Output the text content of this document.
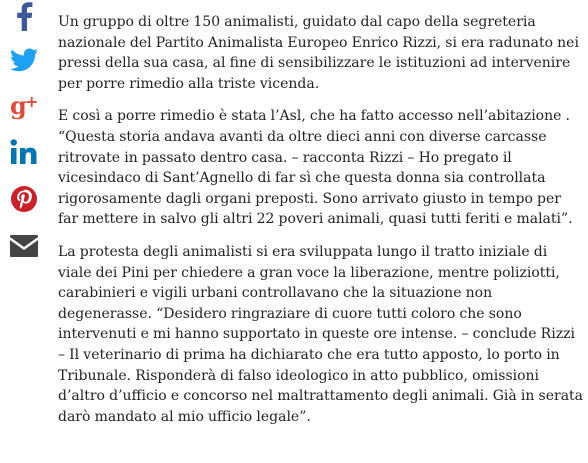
g
+

Un gruppo di oltre 150 animalisti, guidato dal capo della segreteria nazionale del Partito Animalista Europeo Enrico Rizzi, si era radunato nei pressi della sua casa, al fine di sensibilizzare le istituzioni ad intervenire per porre rimedio alla triste vicenda.

E così a porre rimedio è stata l’Asl, che ha fatto accesso nell’abitazione . “Questa storia andava avanti da oltre dieci anni con diverse carcasse ritrovate in passato dentro casa. – racconta Rizzi – Ho pregato il vicesindaco di Sant’Agnello di far sì che questa donna sia controllata rigorosamente dagli organi preposti. Sono arrivato giusto in tempo per far mettere in salvo gli altri 22 poveri animali, quasi tutti feriti e malati”.

La protesta degli animalisti si era sviluppata lungo il tratto iniziale di viale dei Pini per chiedere a gran voce la liberazione, mentre poliziotti, carabinieri e vigili urbani controllavano che la situazione non degenerasse. “Desidero ringraziare di cuore tutti coloro che sono intervenuti e mi hanno supportato in queste ore intense. – conclude Rizzi – Il veterinario di prima ha dichiarato che era tutto apposto, lo porto in Tribunale. Risponderà di falso ideologico in atto pubblico, omissioni d’altro d’ufficio e concorso nel maltrattamento degli animali. Già in serata darò mandato al mio ufficio legale”.
